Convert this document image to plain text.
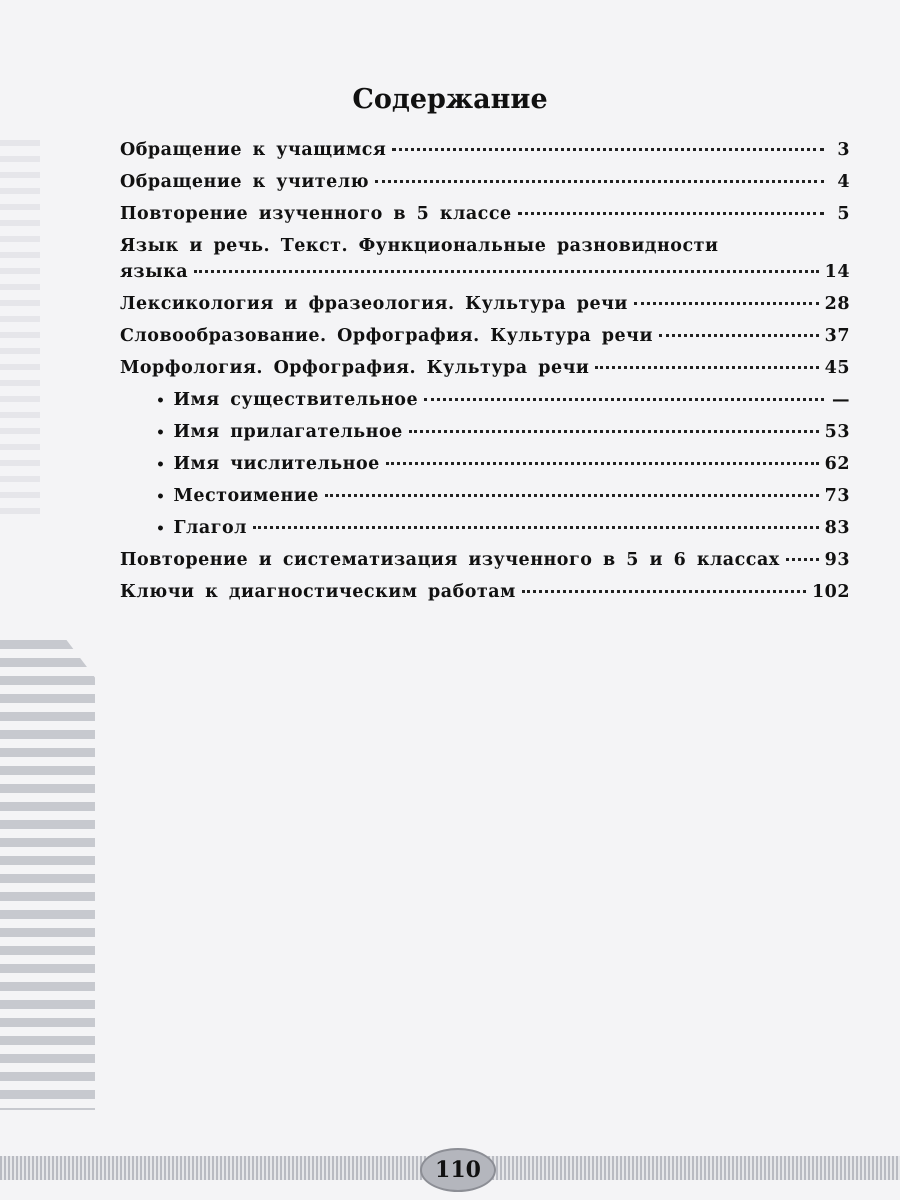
Содержание
Обращение к учащимся	3
Обращение к учителю	4
Повторение изученного в 5 классе	5
Язык и речь. Текст. Функциональные разновидности
языка	14
Лексикология и фразеология. Культура речи	28
Словообразование. Орфография. Культура речи	37
Морфология. Орфография. Культура речи	45
• Имя существительное	—
• Имя прилагательное	53
• Имя числительное	62
• Местоимение	73
• Глагол	83
Повторение и систематизация изученного в 5 и 6 классах	93
Ключи к диагностическим работам	102
110
